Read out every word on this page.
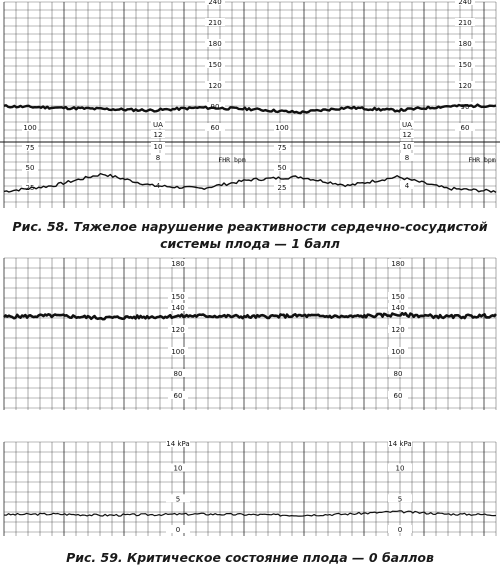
240
210
180
150
120
90
60
240
210
180
150
120
90
60
100
75
50
25
100
75
50
25
UA
12
10
8
4
UA
12
10
8
4
FHR bpm	FHR bpm
Рис. 58. Тяжелое нарушение реактивности сердечно-сосудистой
системы плода — 1 балл
180
150
140
120
100
80
60
180
150
140
120
100
80
60
14 kPa
10
5
0
14 kPa
10
5
0
Рис. 59. Критическое состояние плода — 0 баллов
